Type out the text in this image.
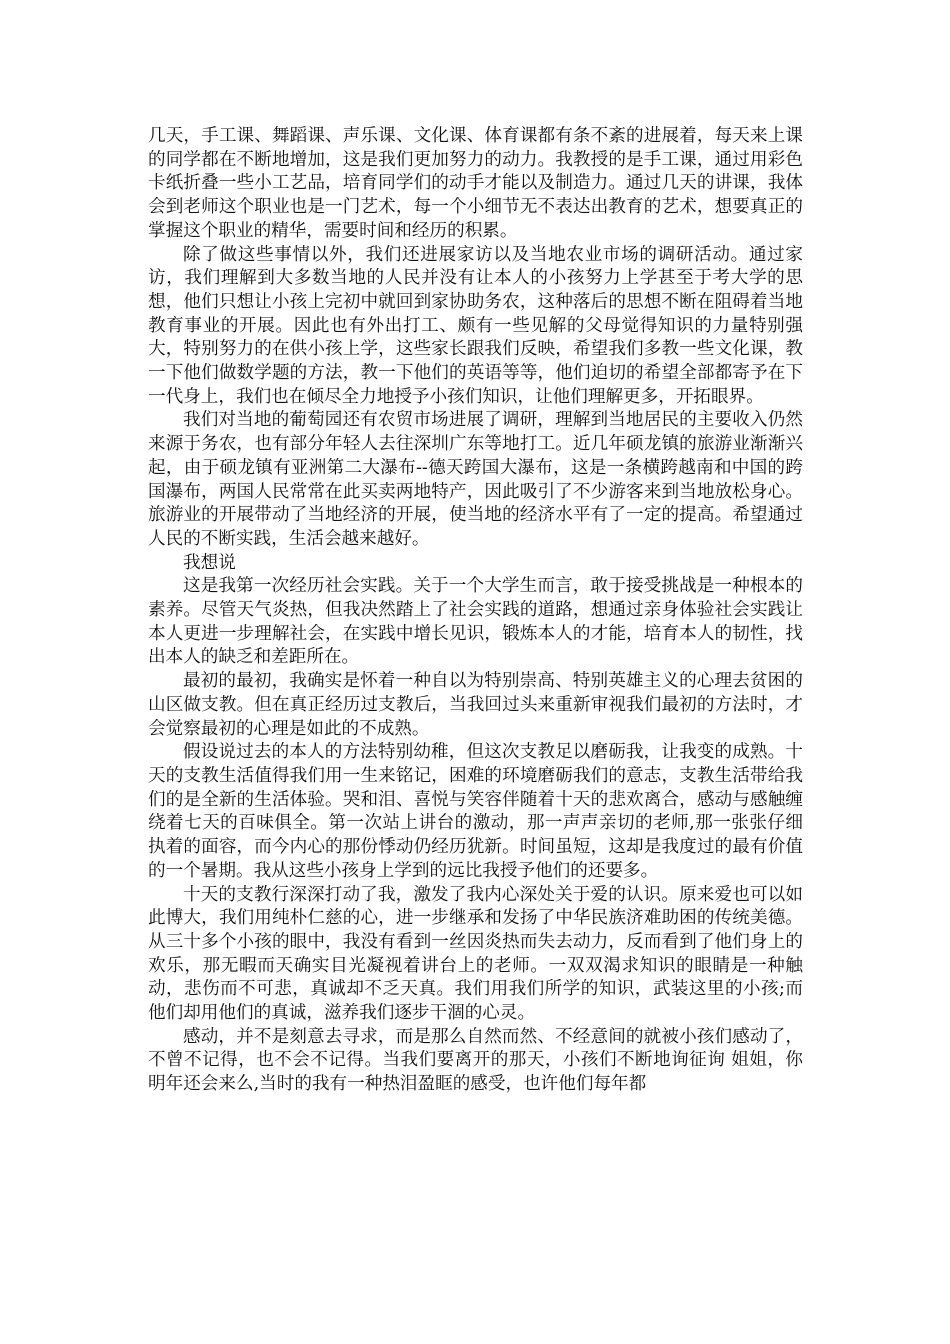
几天，手工课、舞蹈课、声乐课、文化课、体育课都有条不紊的进展着，每天来上课的同学都在不断地增加，这是我们更加努力的动力。我教授的是手工课，通过用彩色卡纸折叠一些小工艺品，培育同学们的动手才能以及制造力。通过几天的讲课，我体会到老师这个职业也是一门艺术，每一个小细节无不表达出教育的艺术，想要真正的掌握这个职业的精华，需要时间和经历的积累。

除了做这些事情以外，我们还进展家访以及当地农业市场的调研活动。通过家访，我们理解到大多数当地的人民并没有让本人的小孩努力上学甚至于考大学的思想，他们只想让小孩上完初中就回到家协助务农，这种落后的思想不断在阻碍着当地教育事业的开展。因此也有外出打工、颇有一些见解的父母觉得知识的力量特别强大，特别努力的在供小孩上学，这些家长跟我们反映，希望我们多教一些文化课，教一下他们做数学题的方法，教一下他们的英语等等，他们迫切的希望全部都寄予在下一代身上，我们也在倾尽全力地授予小孩们知识，让他们理解更多，开拓眼界。

我们对当地的葡萄园还有农贸市场进展了调研，理解到当地居民的主要收入仍然来源于务农，也有部分年轻人去往深圳广东等地打工。近几年硕龙镇的旅游业渐渐兴起，由于硕龙镇有亚洲第二大瀑布--德天跨国大瀑布，这是一条横跨越南和中国的跨国瀑布，两国人民常常在此买卖两地特产，因此吸引了不少游客来到当地放松身心。旅游业的开展带动了当地经济的开展，使当地的经济水平有了一定的提高。希望通过人民的不断实践，生活会越来越好。

我想说

这是我第一次经历社会实践。关于一个大学生而言，敢于接受挑战是一种根本的素养。尽管天气炎热，但我决然踏上了社会实践的道路，想通过亲身体验社会实践让本人更进一步理解社会，在实践中增长见识，锻炼本人的才能，培育本人的韧性，找出本人的缺乏和差距所在。

最初的最初，我确实是怀着一种自以为特别崇高、特别英雄主义的心理去贫困的山区做支教。但在真正经历过支教后，当我回过头来重新审视我们最初的方法时，才会觉察最初的心理是如此的不成熟。

假设说过去的本人的方法特别幼稚，但这次支教足以磨砺我，让我变的成熟。十天的支教生活值得我们用一生来铭记，困难的环境磨砺我们的意志，支教生活带给我们的是全新的生活体验。哭和泪、喜悦与笑容伴随着十天的悲欢离合，感动与感触缠绕着七天的百味俱全。第一次站上讲台的激动，那一声声亲切的老师,那一张张仔细执着的面容，而今内心的那份悸动仍经历犹新。时间虽短，这却是我度过的最有价值的一个暑期。我从这些小孩身上学到的远比我授予他们的还要多。

十天的支教行深深打动了我，激发了我内心深处关于爱的认识。原来爱也可以如此博大，我们用纯朴仁慈的心，进一步继承和发扬了中华民族济难助困的传统美德。从三十多个小孩的眼中，我没有看到一丝因炎热而失去动力，反而看到了他们身上的欢乐，那无暇而天确实目光凝视着讲台上的老师。一双双渴求知识的眼睛是一种触动，悲伤而不可悲，真诚却不乏天真。我们用我们所学的知识，武装这里的小孩;而他们却用他们的真诚，滋养我们逐步干涸的心灵。

感动，并不是刻意去寻求，而是那么自然而然、不经意间的就被小孩们感动了，不曾不记得，也不会不记得。当我们要离开的那天，小孩们不断地询征询 姐姐，你明年还会来么,当时的我有一种热泪盈眶的感受，也许他们每年都
